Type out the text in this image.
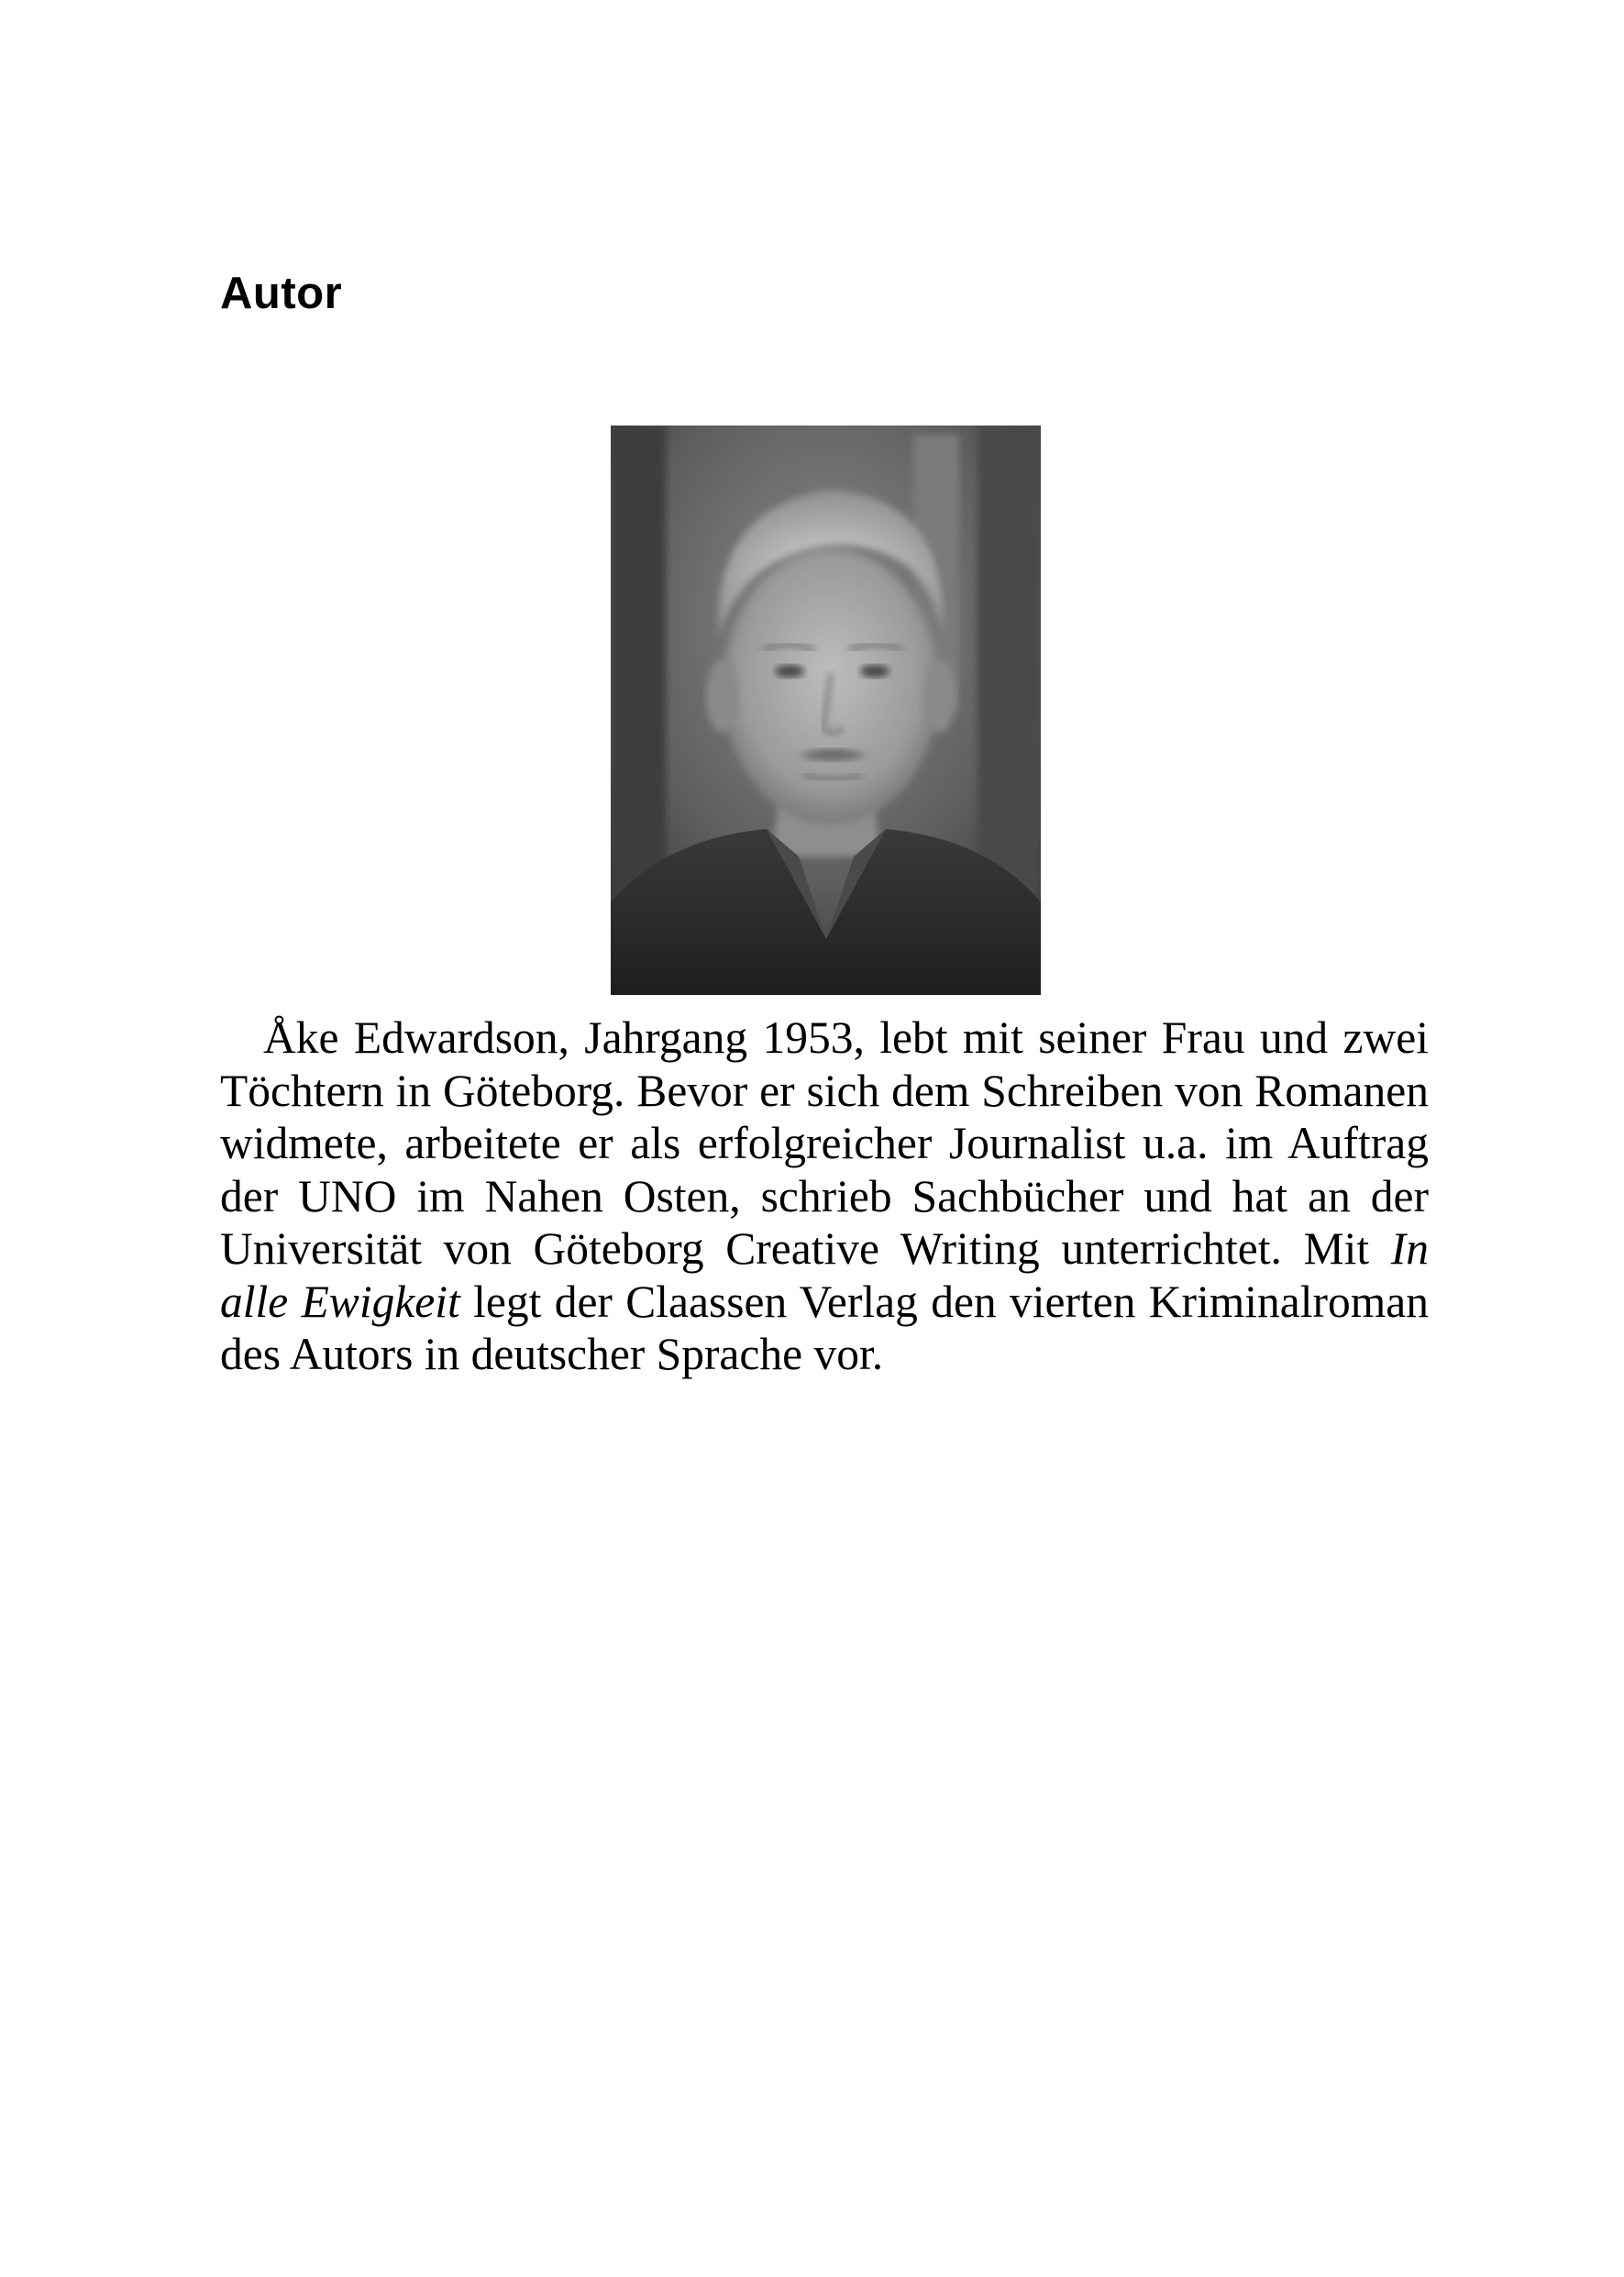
Autor

Åke Edwardson, Jahrgang 1953, lebt mit seiner Frau und zwei Töchtern in Göteborg. Bevor er sich dem Schreiben von Romanen widmete, arbeitete er als erfolgreicher Journalist u.a. im Auftrag der UNO im Nahen Osten, schrieb Sachbücher und hat an der Universität von Göteborg Creative Writing unterrichtet. Mit In alle Ewigkeit legt der Claassen Verlag den vierten Kriminalroman des Autors in deutscher Sprache vor.
